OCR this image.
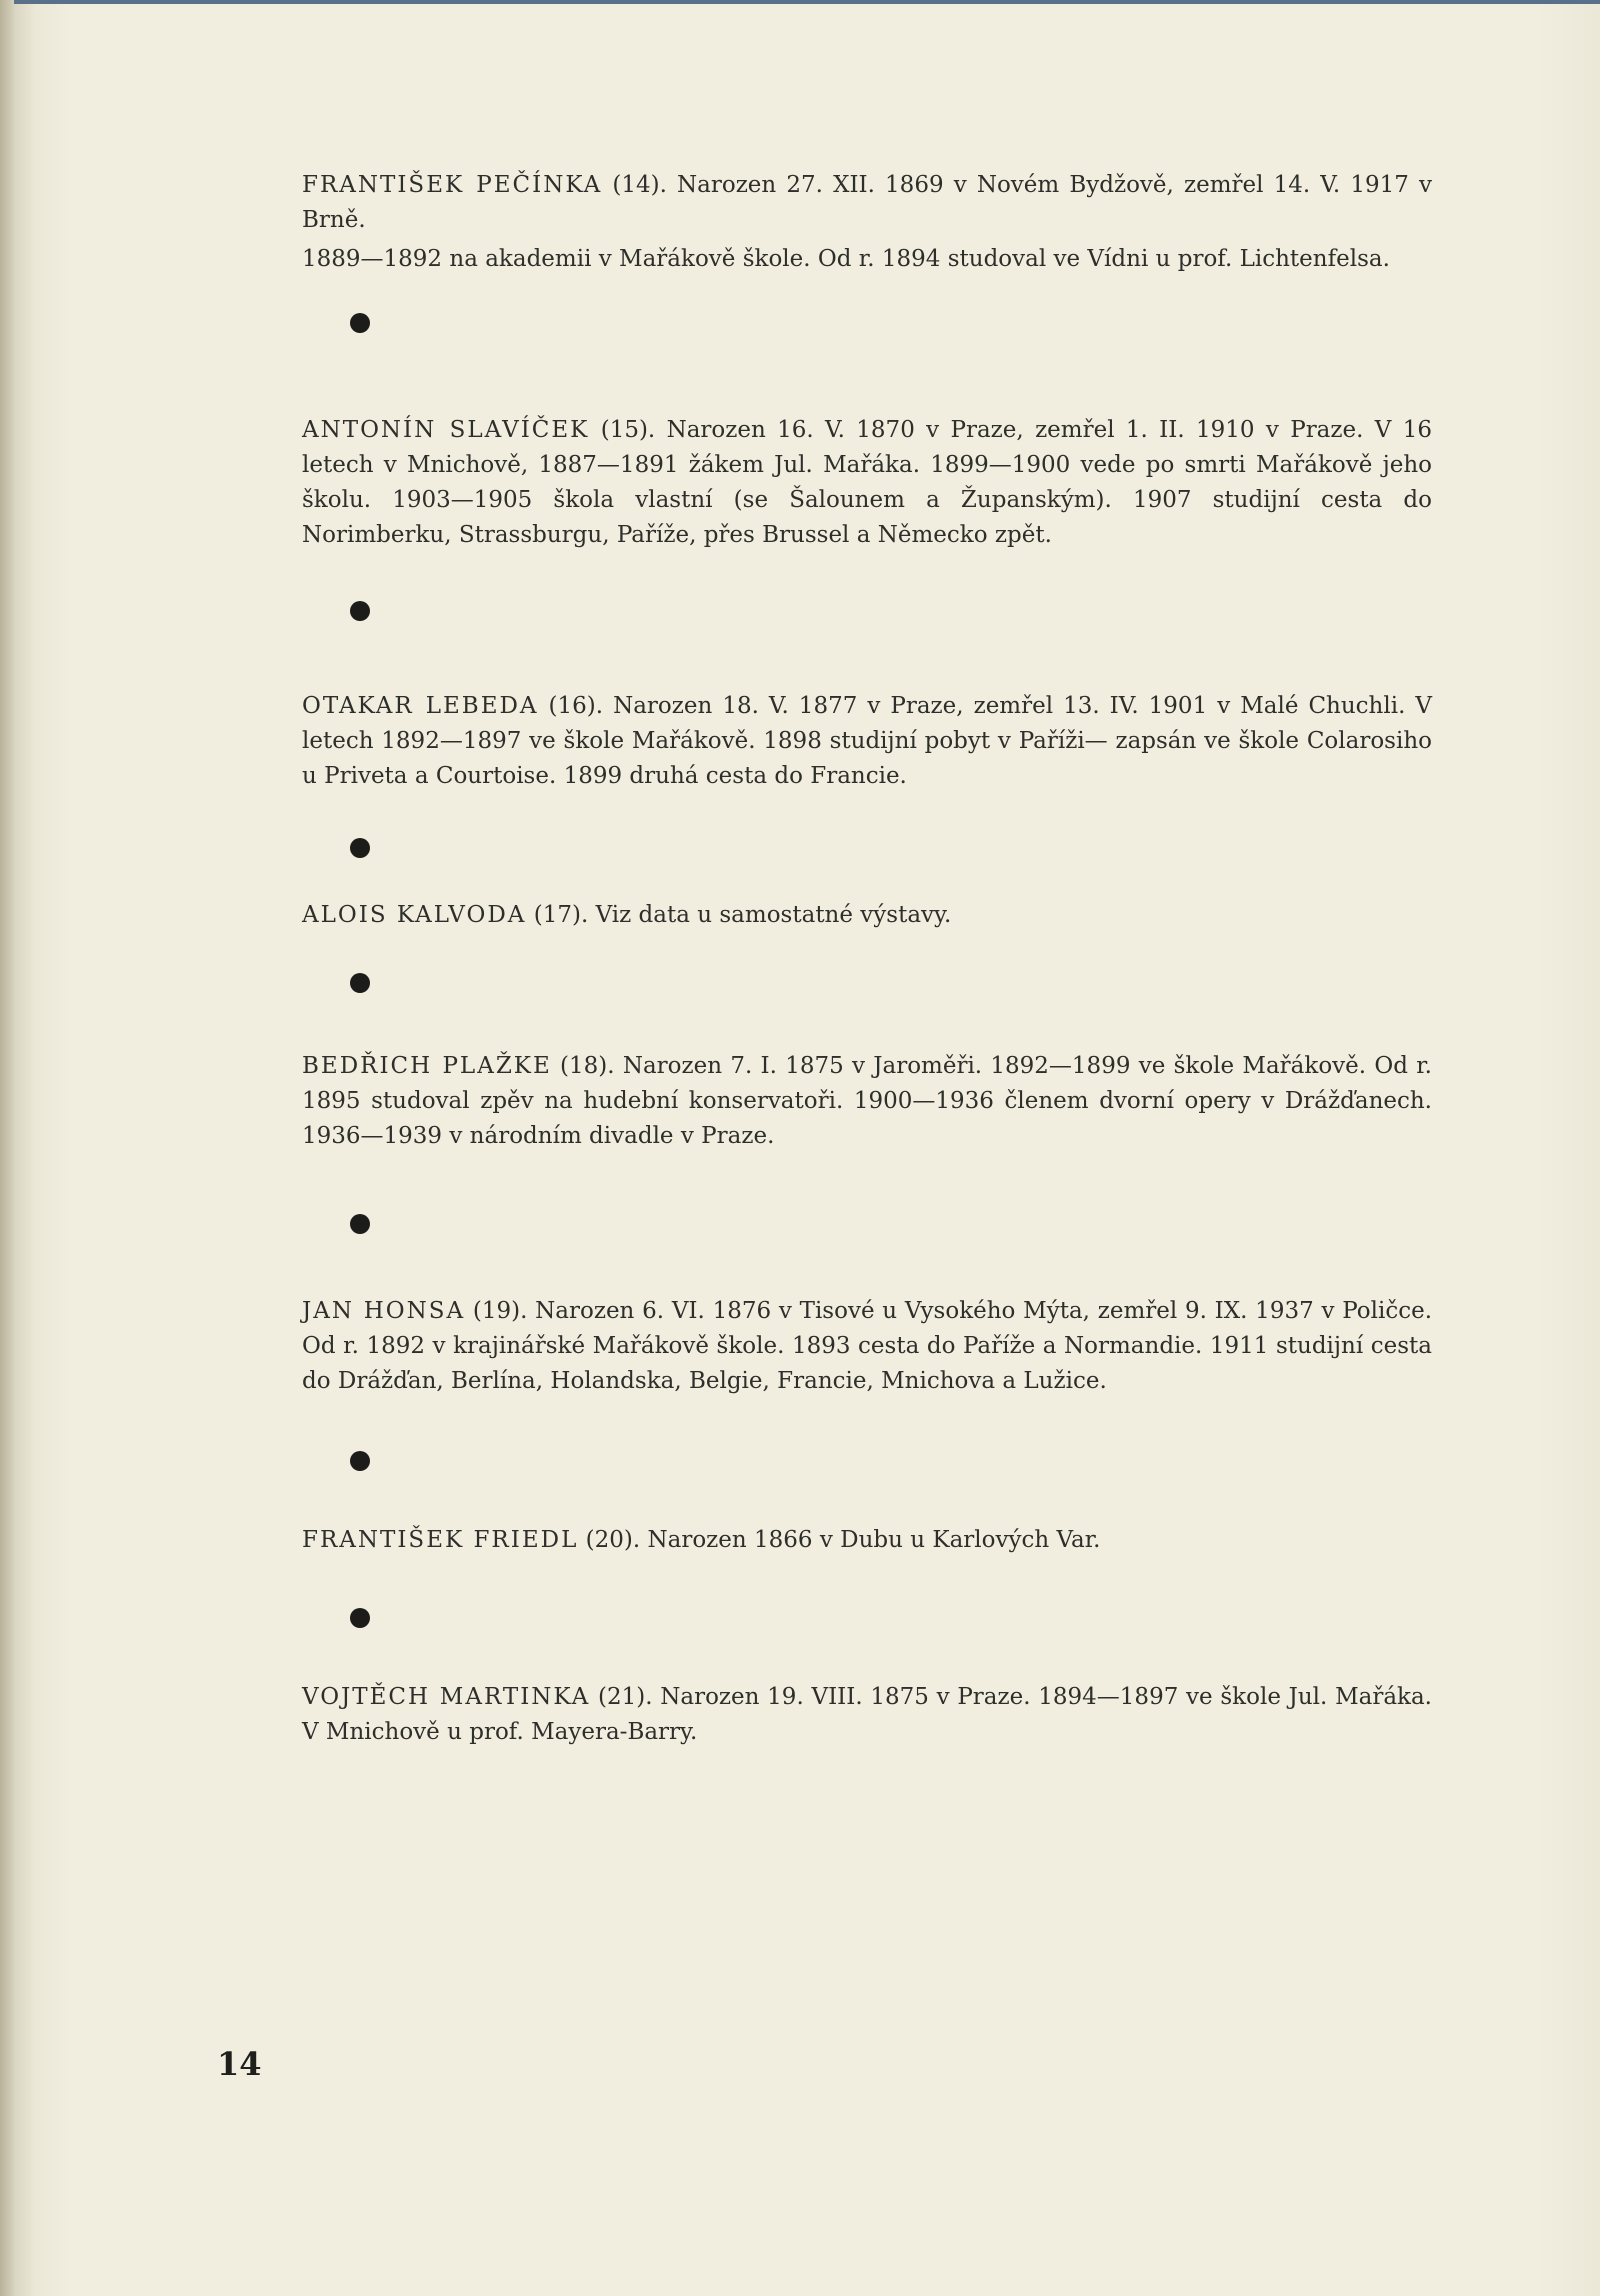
FRANTIŠEK PEČÍNKA (14). Narozen 27. XII. 1869 v Novém Bydžově, zemřel 14. V. 1917 v Brně.

1889—1892 na akademii v Mařákově škole. Od r. 1894 studoval ve Vídni u prof. Lichtenfelsa.

ANTONÍN SLAVÍČEK (15). Narozen 16. V. 1870 v Praze, zemřel 1. II. 1910 v Praze. V 16 letech v Mnichově, 1887—1891 žákem Jul. Mařáka. 1899—1900 vede po smrti Mařákově jeho školu. 1903—1905 škola vlastní (se Šalounem a Županským). 1907 studijní cesta do Norimberku, Strassburgu, Paříže, přes Brussel a Německo zpět.

OTAKAR LEBEDA (16). Narozen 18. V. 1877 v Praze, zemřel 13. IV. 1901 v Malé Chuchli. V letech 1892—1897 ve škole Mařákově. 1898 studijní pobyt v Paříži— zapsán ve škole Colarosiho u Priveta a Courtoise. 1899 druhá cesta do Francie.

ALOIS KALVODA (17). Viz data u samostatné výstavy.

BEDŘICH PLAŽKE (18). Narozen 7. I. 1875 v Jaroměři. 1892—1899 ve škole Mařákově. Od r. 1895 studoval zpěv na hudební konservatoři. 1900—1936 členem dvorní opery v Drážďanech. 1936—1939 v národním divadle v Praze.

JAN HONSA (19). Narozen 6. VI. 1876 v Tisové u Vysokého Mýta, zemřel 9. IX. 1937 v Poličce. Od r. 1892 v krajinářské Mařákově škole. 1893 cesta do Paříže a Normandie. 1911 studijní cesta do Drážďan, Berlína, Holandska, Belgie, Francie, Mnichova a Lužice.

FRANTIŠEK FRIEDL (20). Narozen 1866 v Dubu u Karlových Var.

VOJTĚCH MARTINKA (21). Narozen 19. VIII. 1875 v Praze. 1894—1897 ve škole Jul. Mařáka. V Mnichově u prof. Mayera-Barry.

14
